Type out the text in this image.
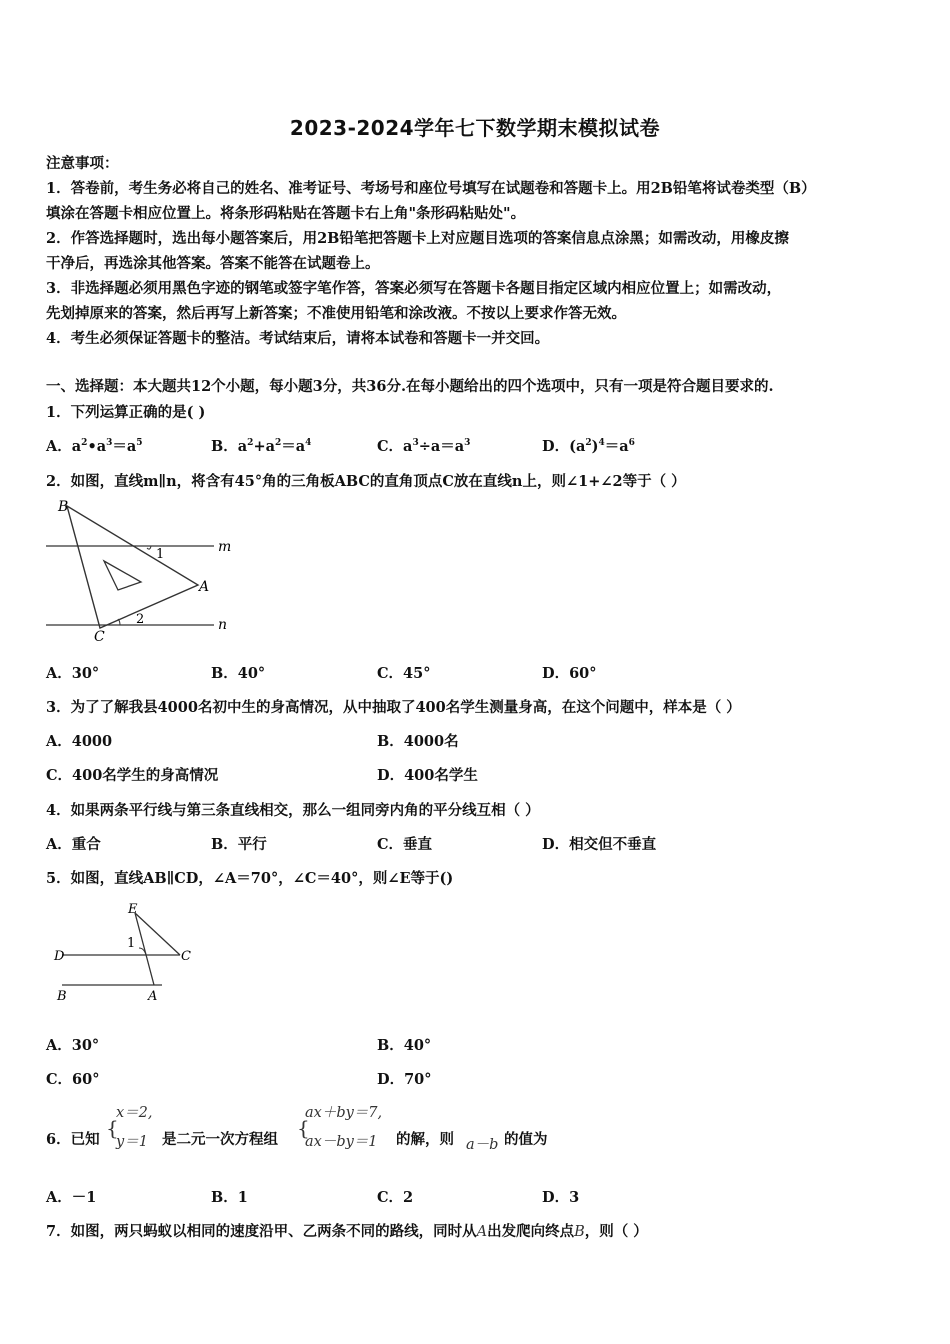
2023-2024学年七下数学期末模拟试卷
注意事项：
1．答卷前，考生务必将自己的姓名、准考证号、考场号和座位号填写在试题卷和答题卡上。用2B铅笔将试卷类型（B）
填涂在答题卡相应位置上。将条形码粘贴在答题卡右上角"条形码粘贴处"。
2．作答选择题时，选出每小题答案后，用2B铅笔把答题卡上对应题目选项的答案信息点涂黑；如需改动，用橡皮擦
干净后，再选涂其他答案。答案不能答在试题卷上。
3．非选择题必须用黑色字迹的钢笔或签字笔作答，答案必须写在答题卡各题目指定区域内相应位置上；如需改动，
先划掉原来的答案，然后再写上新答案；不准使用铅笔和涂改液。不按以上要求作答无效。
4．考生必须保证答题卡的整洁。考试结束后，请将本试卷和答题卡一并交回。
一、选择题：本大题共12个小题，每小题3分，共36分.在每小题给出的四个选项中，只有一项是符合题目要求的.
1．下列运算正确的是( )
A．$a^2•a^3=a^5$	B．$a^2+a^2=a^4$	C．$a^3\div a=a^3$	D．$(a^2)^4=a^6$
2．如图，直线m∥n，将含有45°角的三角板ABC的直角顶点C放在直线n上，则∠1+∠2等于（ ）
B
m
1
A
C
2	n
A．30°	B．40°	C．45°	D．60°
3．为了了解我县4000名初中生的身高情况，从中抽取了400名学生测量身高，在这个问题中，样本是（ ）
A．4000	B．4000名
C．400名学生的身高情况	D．400名学生
4．如果两条平行线与第三条直线相交，那么一组同旁内角的平分线互相（ ）
A．重合	B．平行	C．垂直	D．相交但不垂直
5．如图，直线AB∥CD，∠A＝70°，∠C＝40°，则∠E等于()
E
1
D	C
B	A
A．30°	B．40°
C．60°	D．70°
6．已知 {
x＝2,
y＝1 是二元一次方程组 {
ax＋by＝7,
ax－by＝1 的解，则 a－b 的值为
A．－1	B．1	C．2	D．3
7．如图，两只蚂蚁以相同的速度沿甲、乙两条不同的路线，同时从A出发爬向终点B，则（ ）
